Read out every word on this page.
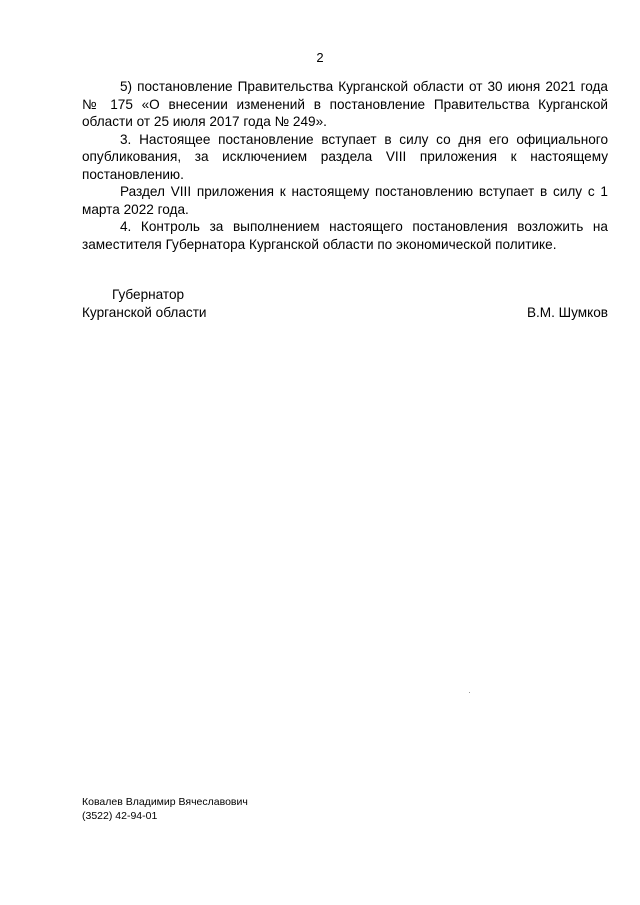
2

5) постановление Правительства Курганской области от 30 июня 2021 года № 175 «О внесении изменений в постановление Правительства Курганской области от 25 июля 2017 года № 249».

3. Настоящее постановление вступает в силу со дня его официального опубликования, за исключением раздела VIII приложения к настоящему постановлению.

Раздел VIII приложения к настоящему постановлению вступает в силу с 1 марта 2022 года.

4. Контроль за выполнением настоящего постановления возложить на заместителя Губернатора Курганской области по экономической политике.

Губернатор
Курганской области	В.М. Шумков
Ковалев Владимир Вячеславович
(3522) 42-94-01
